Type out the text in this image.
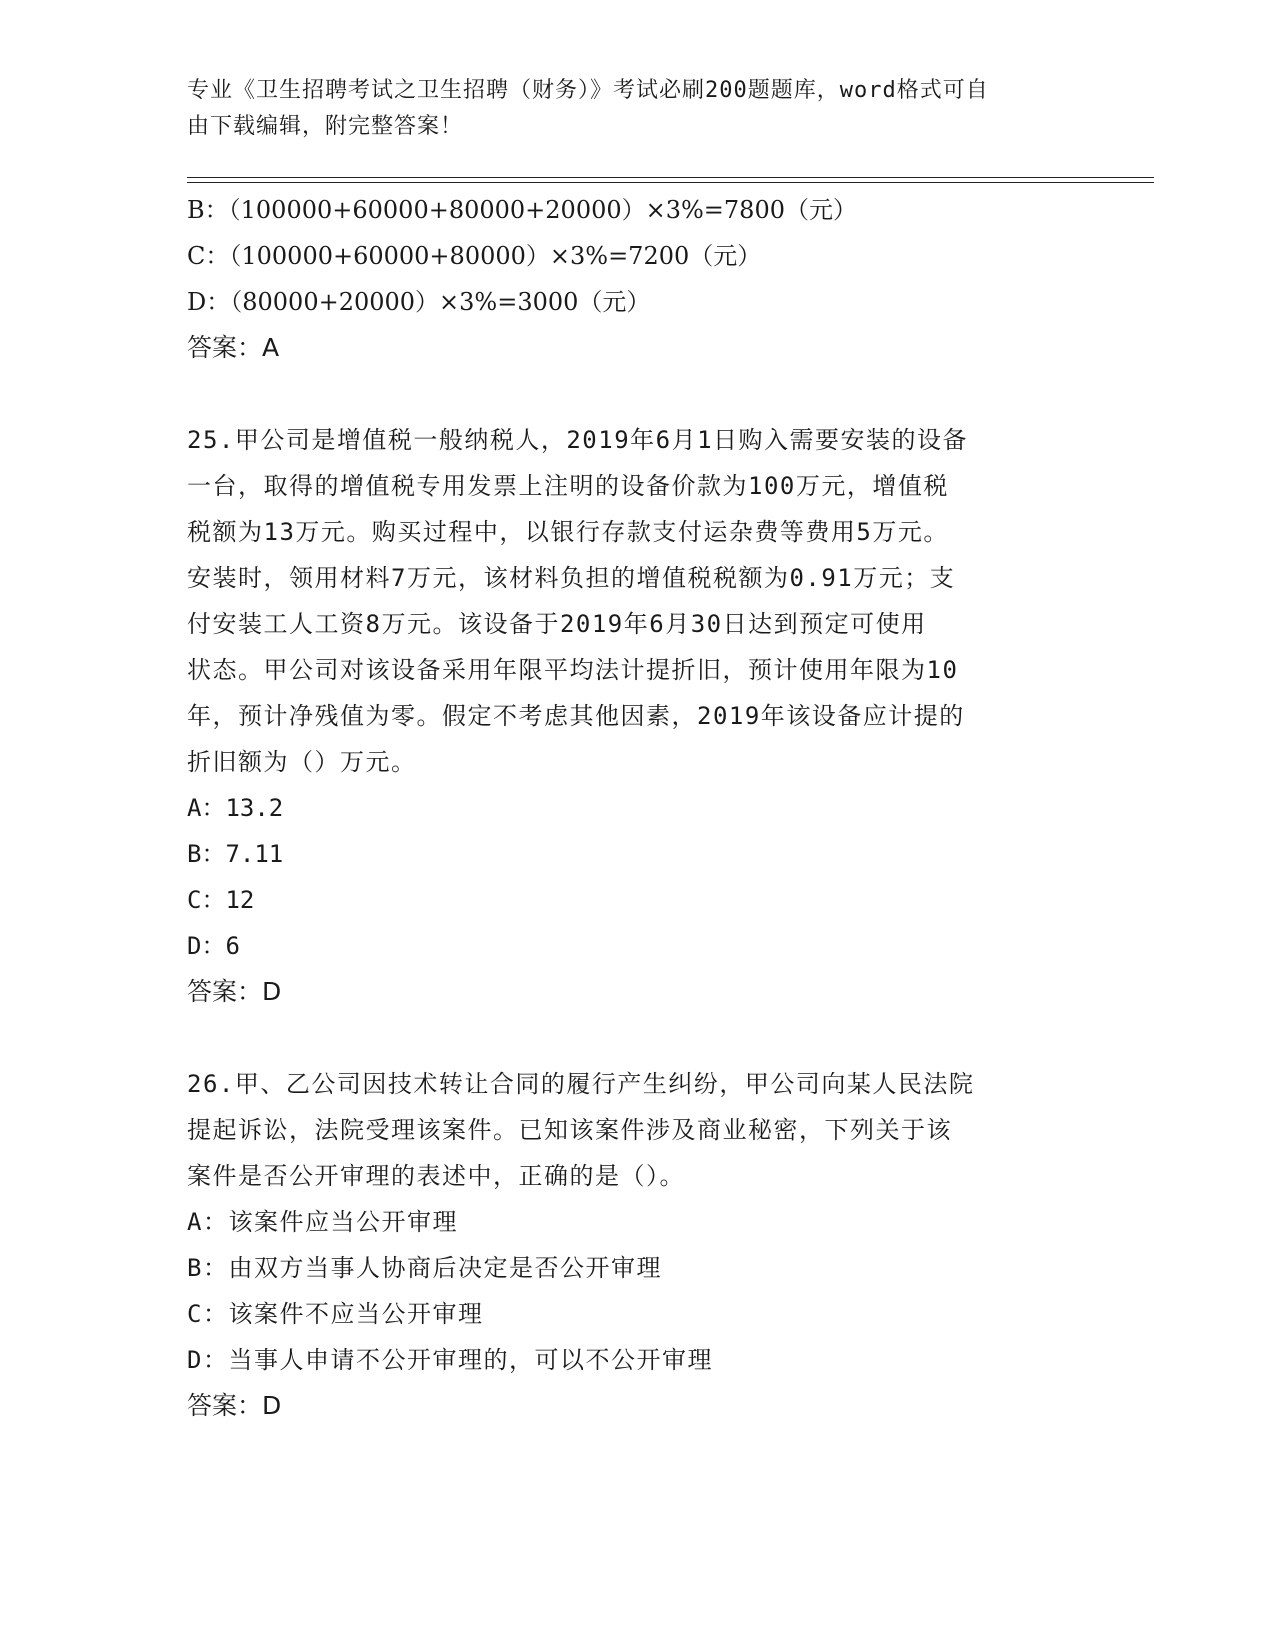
专业《卫生招聘考试之卫生招聘（财务）》考试必刷200题题库，word格式可自
由下载编辑，附完整答案！
B：（100000+60000+80000+20000）×3%=7800（元）
C：（100000+60000+80000）×3%=7200（元）
D：（80000+20000）×3%=3000（元）
答案：A
25.甲公司是增值税一般纳税人，2019年6月1日购入需要安装的设备
一台，取得的增值税专用发票上注明的设备价款为100万元，增值税
税额为13万元。购买过程中，以银行存款支付运杂费等费用5万元。
安装时，领用材料7万元，该材料负担的增值税税额为0.91万元；支
付安装工人工资8万元。该设备于2019年6月30日达到预定可使用
状态。甲公司对该设备采用年限平均法计提折旧，预计使用年限为10
年，预计净残值为零。假定不考虑其他因素，2019年该设备应计提的
折旧额为（）万元。
A：13.2
B：7.11
C：12
D：6
答案：D
26.甲、乙公司因技术转让合同的履行产生纠纷，甲公司向某人民法院
提起诉讼，法院受理该案件。已知该案件涉及商业秘密，下列关于该
案件是否公开审理的表述中，正确的是（）。
A：该案件应当公开审理
B：由双方当事人协商后决定是否公开审理
C：该案件不应当公开审理
D：当事人申请不公开审理的，可以不公开审理
答案：D
